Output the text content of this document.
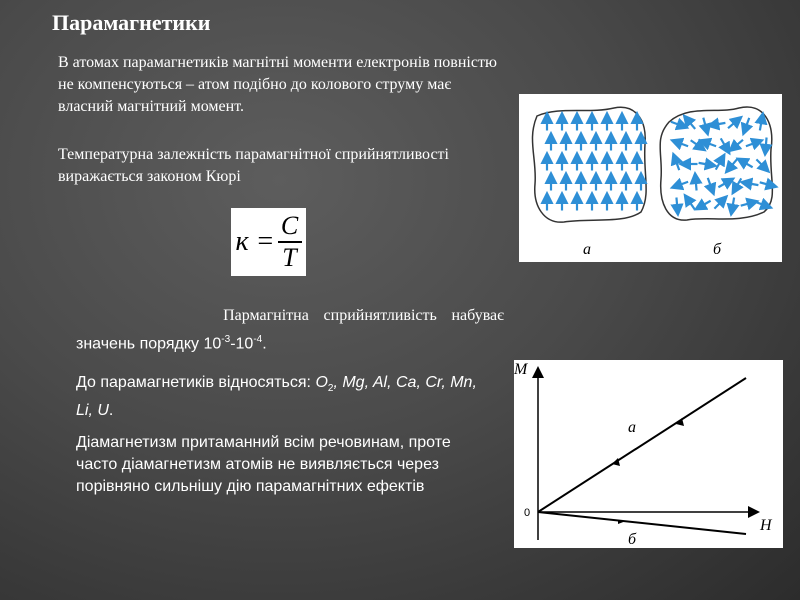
Парамагнетики
В атомах парамагнетиків магнітні моменти електронів повністю не компенсуються – атом подібно до колового струму має власний магнітний момент.
Температурна залежність парамагнітної сприйнятливості виражається законом Кюрі
$к = \frac{C}{T}$
Пармагнітна сприйнятливість набуває
значень порядку $10^{-3}-10^{-4}$.
До парамагнетиків відносяться: $O_2$, Mg, Al, Ca, Cr, Mn, Li, U.
Діамагнетизм притаманний всім речовинам, проте часто діамагнетизм атомів не виявляється через порівняно сильнішу дію парамагнітних ефектів
а	б
M
H
0
a
б
